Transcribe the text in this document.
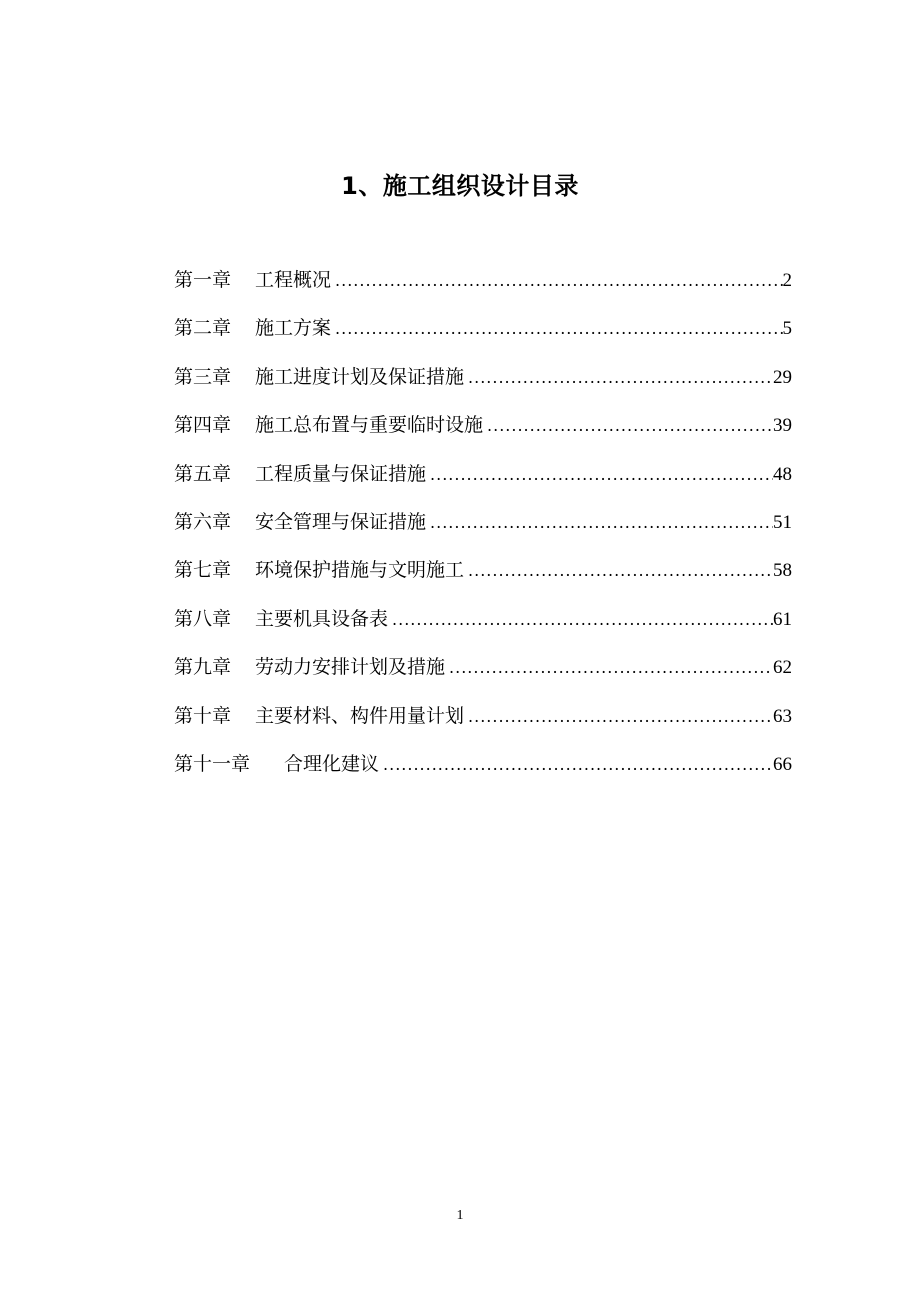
1、施工组织设计目录
第一章	工程概况 .....	2
第二章	施工方案 .....	5
第三章	施工进度计划及保证措施 .....	29
第四章	施工总布置与重要临时设施 .....	39
第五章	工程质量与保证措施 .....	48
第六章	安全管理与保证措施 .....	51
第七章	环境保护措施与文明施工 .....	58
第八章	主要机具设备表 .....	61
第九章	劳动力安排计划及措施 .....	62
第十章	主要材料、构件用量计划 .....	63
第十一章	合理化建议 .....	66
1
